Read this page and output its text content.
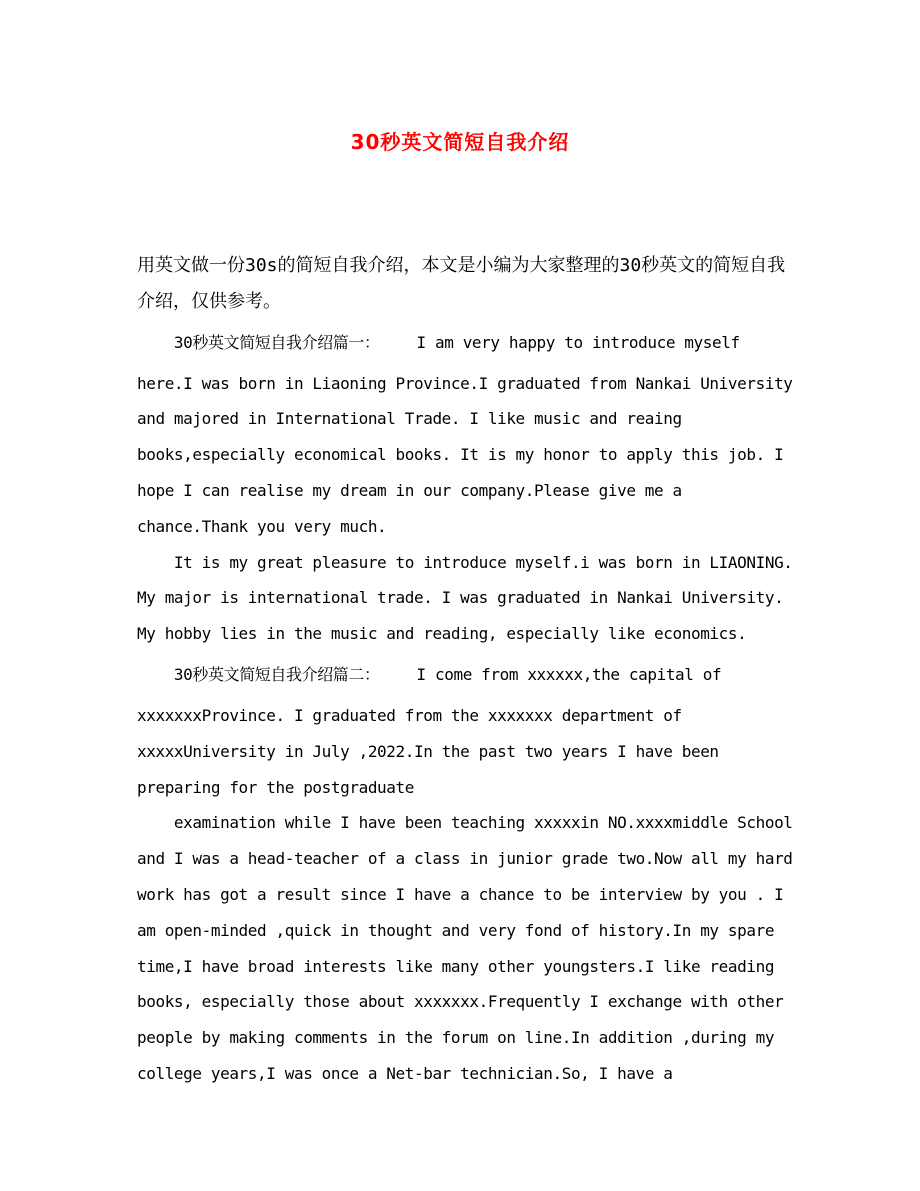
30秒英文简短自我介绍
用英文做一份30s的简短自我介绍，本文是小编为大家整理的30秒英文的简短自我
介绍，仅供参考。
30秒英文简短自我介绍篇一：    I am very happy to introduce myself
here.I was born in Liaoning Province.I graduated from Nankai University
and majored in International Trade. I like music and reaing
books,especially economical books. It is my honor to apply this job. I
hope I can realise my dream in our company.Please give me a
chance.Thank you very much.
It is my great pleasure to introduce myself.i was born in LIAONING.
My major is international trade. I was graduated in Nankai University.
My hobby lies in the music and reading, especially like economics.
30秒英文简短自我介绍篇二：    I come from xxxxxx,the capital of
xxxxxxxProvince. I graduated from the xxxxxxx department of
xxxxxUniversity in July ,2022.In the past two years I have been
preparing for the postgraduate
examination while I have been teaching xxxxxin NO.xxxxmiddle School
and I was a head-teacher of a class in junior grade two.Now all my hard
work has got a result since I have a chance to be interview by you . I
am open-minded ,quick in thought and very fond of history.In my spare
time,I have broad interests like many other youngsters.I like reading
books, especially those about xxxxxxx.Frequently I exchange with other
people by making comments in the forum on line.In addition ,during my
college years,I was once a Net-bar technician.So, I have a
